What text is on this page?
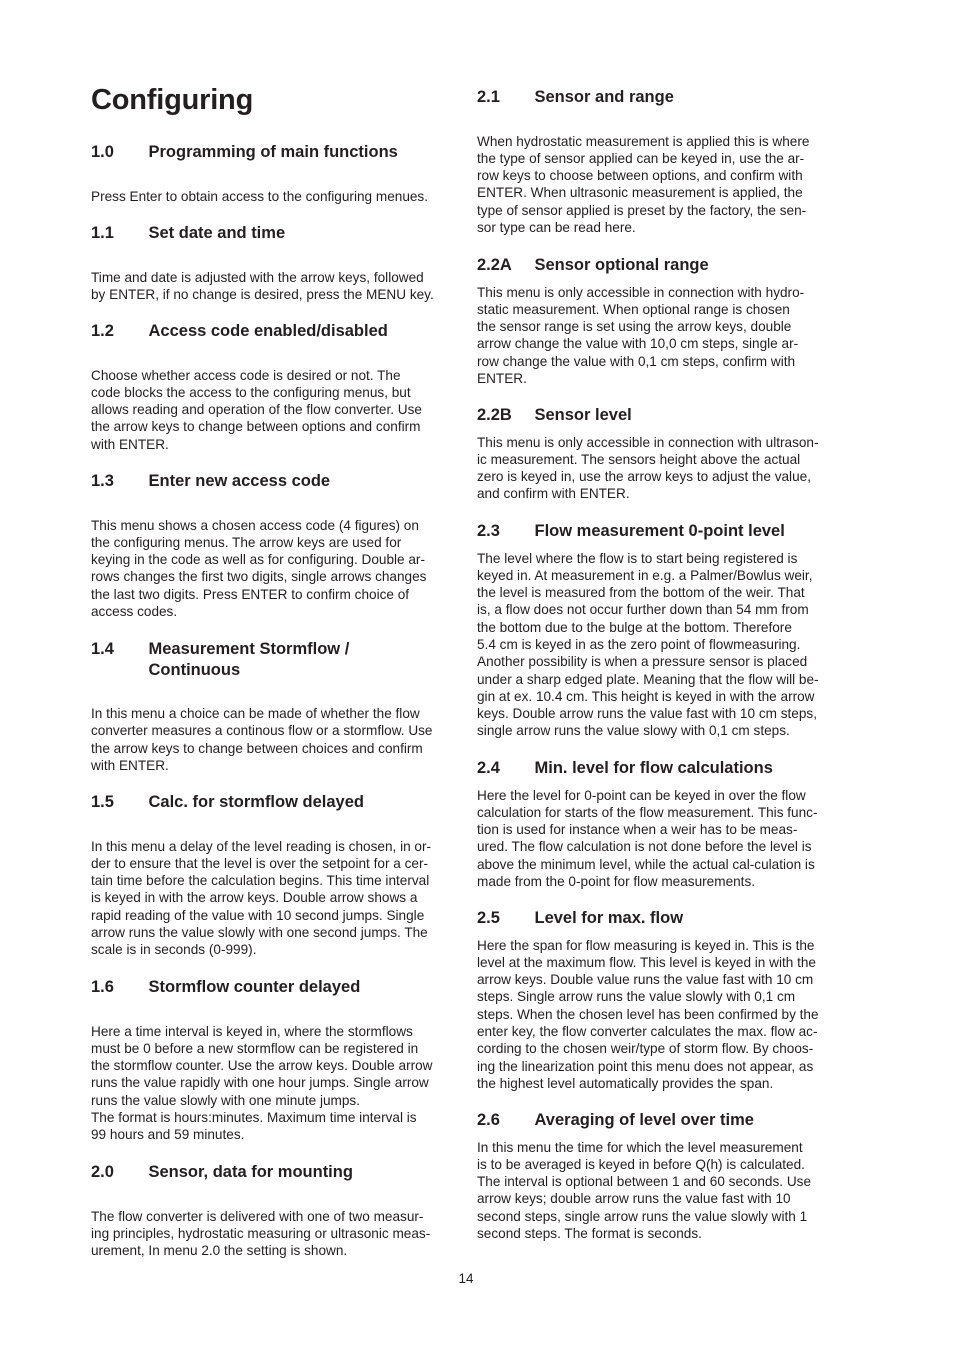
Configuring
1.0	Programming of main functions
Press Enter to obtain access to the configuring menues.
1.1	Set date and time
Time and date is adjusted with the arrow keys, followed
by ENTER, if no change is desired, press the MENU key.
1.2	Access code enabled/disabled
Choose whether access code is desired or not. The
code blocks the access to the configuring menus, but
allows reading and operation of the flow converter. Use
the arrow keys to change between options and confirm
with ENTER.
1.3	Enter new access code
This menu shows a chosen access code (4 figures) on
the configuring menus. The arrow keys are used for
keying in the code as well as for configuring. Double ar-
rows changes the first two digits, single arrows changes
the last two digits. Press ENTER to confirm choice of
access codes.
1.4	Measurement Stormflow /
Continuous
In this menu a choice can be made of whether the flow
converter measures a continous flow or a stormflow. Use
the arrow keys to change between choices and confirm
with ENTER.
1.5	Calc. for stormflow delayed
In this menu a delay of the level reading is chosen, in or-
der to ensure that the level is over the setpoint for a cer-
tain time before the calculation begins. This time interval
is keyed in with the arrow keys. Double arrow shows a
rapid reading of the value with 10 second jumps. Single
arrow runs the value slowly with one second jumps. The
scale is in seconds (0-999).
1.6	Stormflow counter delayed
Here a time interval is keyed in, where the stormflows
must be 0 before a new stormflow can be registered in
the stormflow counter. Use the arrow keys. Double arrow
runs the value rapidly with one hour jumps. Single arrow
runs the value slowly with one minute jumps.
The format is hours:minutes. Maximum time interval is
99 hours and 59 minutes.
2.0	Sensor, data for mounting
The flow converter is delivered with one of two measur-
ing principles, hydrostatic measuring or ultrasonic meas-
urement, In menu 2.0 the setting is shown.
2.1	Sensor and range
When hydrostatic measurement is applied this is where
the type of sensor applied can be keyed in, use the ar-
row keys to choose between options, and confirm with
ENTER. When ultrasonic measurement is applied, the
type of sensor applied is preset by the factory, the sen-
sor type can be read here.
2.2A	Sensor optional range
This menu is only accessible in connection with hydro-
static measurement. When optional range is chosen
the sensor range is set using the arrow keys, double
arrow change the value with 10,0 cm steps, single ar-
row change the value with 0,1 cm steps, confirm with
ENTER.
2.2B	Sensor level
This menu is only accessible in connection with ultrason-
ic measurement. The sensors height above the actual
zero is keyed in, use the arrow keys to adjust the value,
and confirm with ENTER.
2.3	Flow measurement 0-point level
The level where the flow is to start being registered is
keyed in. At measurement in e.g. a Palmer/Bowlus weir,
the level is measured from the bottom of the weir. That
is, a flow does not occur further down than 54 mm from
the bottom due to the bulge at the bottom. Therefore
5.4 cm is keyed in as the zero point of flowmeasuring.
Another possibility is when a pressure sensor is placed
under a sharp edged plate. Meaning that the flow will be-
gin at ex. 10.4 cm. This height is keyed in with the arrow
keys. Double arrow runs the value fast with 10 cm steps,
single arrow runs the value slowy with 0,1 cm steps.
2.4	Min. level for flow calculations
Here the level for 0-point can be keyed in over the flow
calculation for starts of the flow measurement. This func-
tion is used for instance when a weir has to be meas-
ured. The flow calculation is not done before the level is
above the minimum level, while the actual cal-culation is
made from the 0-point for flow measurements.
2.5	Level for max. flow
Here the span for flow measuring is keyed in. This is the
level at the maximum flow. This level is keyed in with the
arrow keys. Double value runs the value fast with 10 cm
steps. Single arrow runs the value slowly with 0,1 cm
steps. When the chosen level has been confirmed by the
enter key, the flow converter calculates the max. flow ac-
cording to the chosen weir/type of storm flow. By choos-
ing the linearization point this menu does not appear, as
the highest level automatically provides the span.
2.6	Averaging of level over time
In this menu the time for which the level measurement
is to be averaged is keyed in before Q(h) is calculated.
The interval is optional between 1 and 60 seconds. Use
arrow keys; double arrow runs the value fast with 10
second steps, single arrow runs the value slowly with 1
second steps. The format is seconds.
14
